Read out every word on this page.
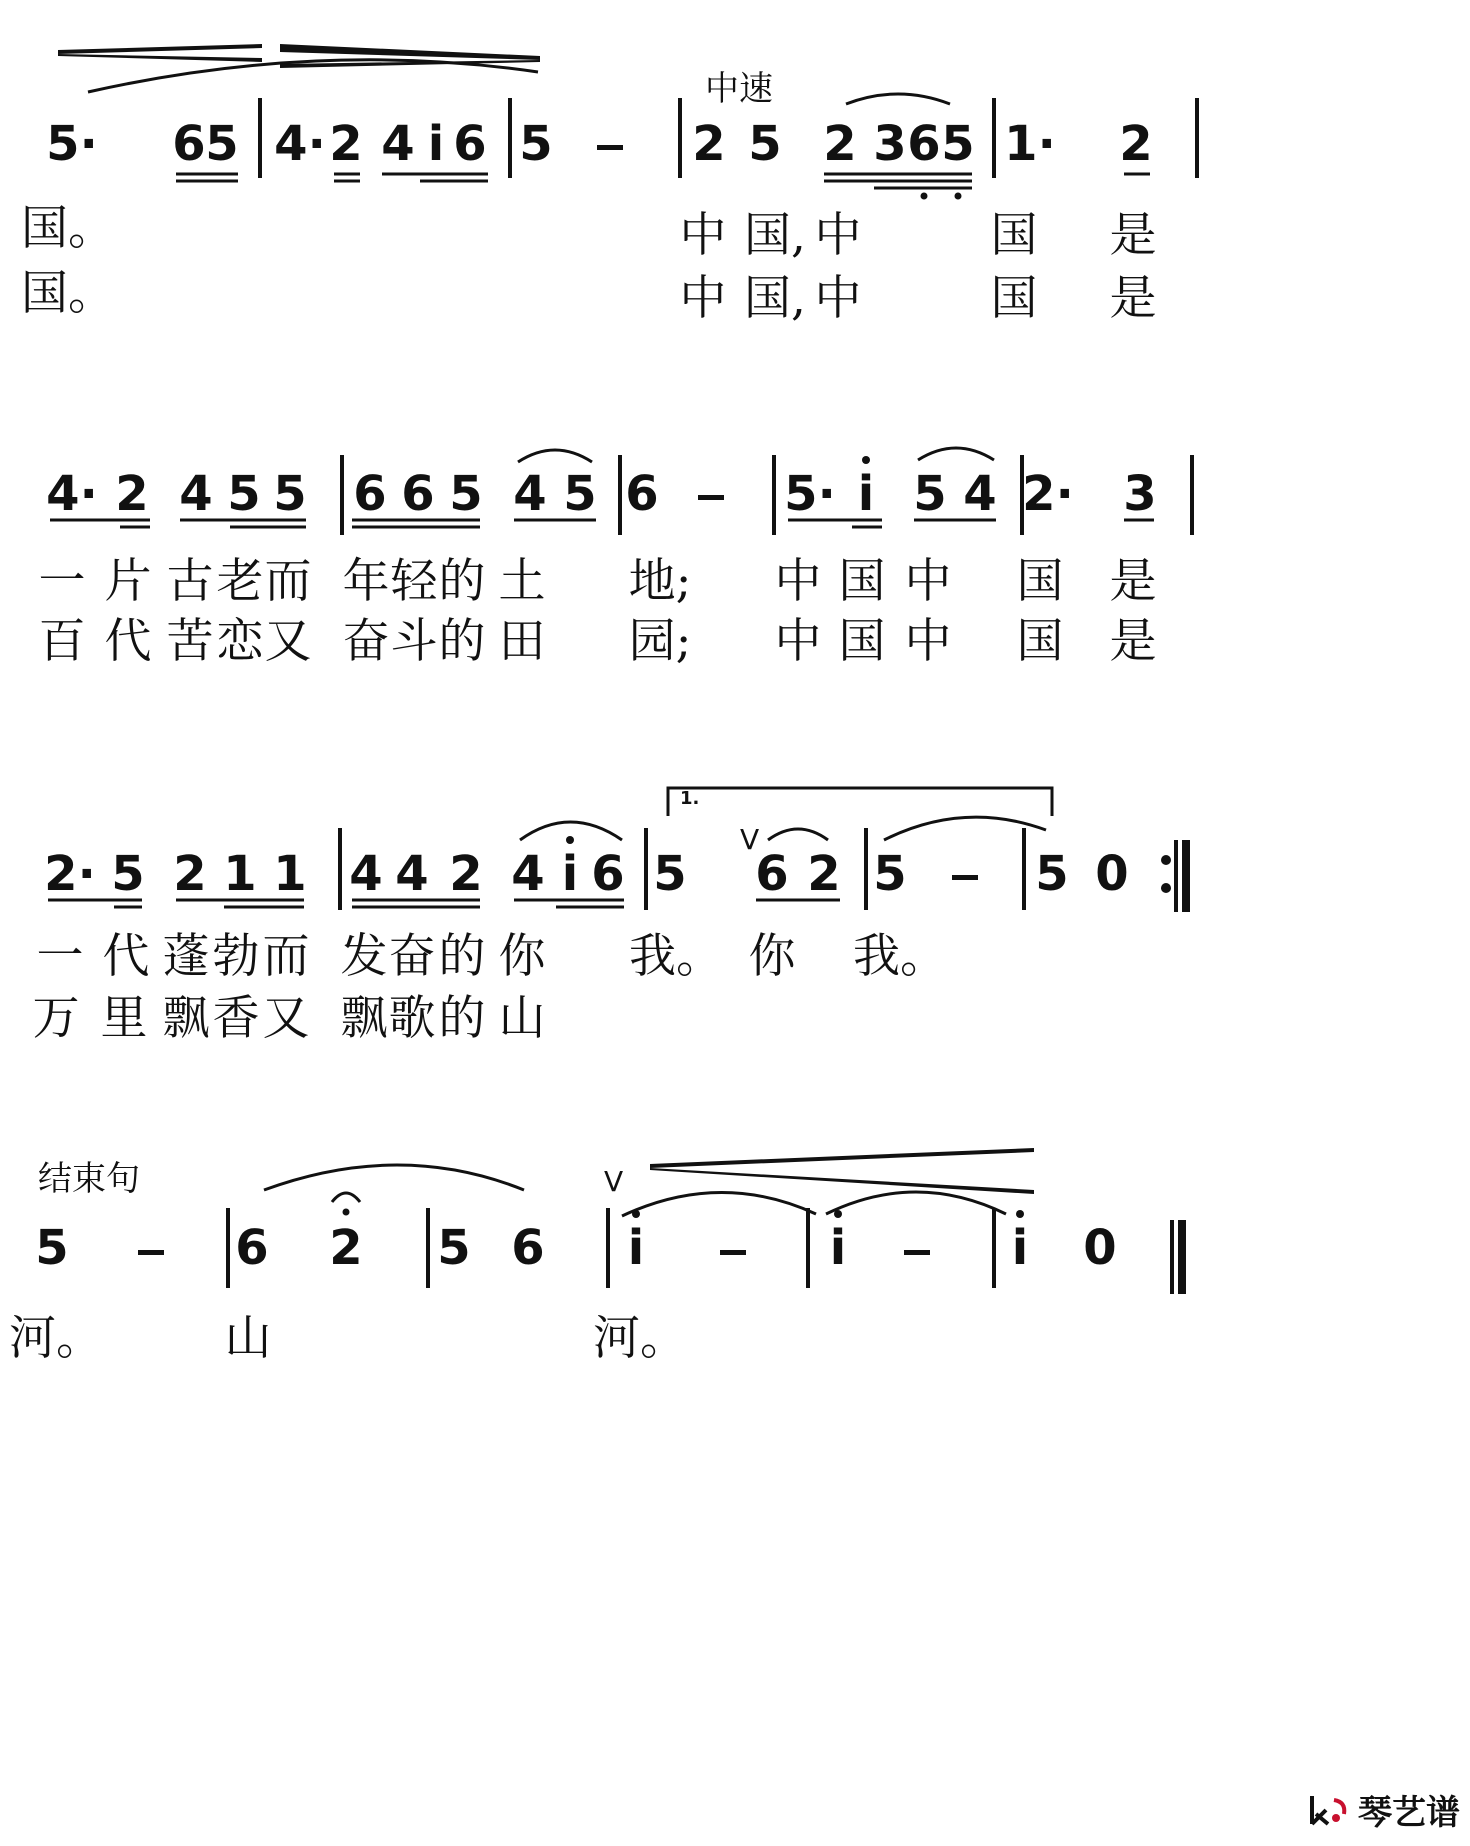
5· 6 5 4· 2 4 i 6 5	2 5 2 3 6 5 1· 2
国。	中 国, 中	国 是
国。	中 国, 中	国 是
中速
4· 2 4 5 5 6 6 5 4 5 6	5· i 5 4 2· 3
一 片 古 老 而 年 轻 的 土 地; 中 国 中 国 是
百 代 苦 恋 又 奋 斗 的 田 园; 中 国 中 国 是
2· 5 2 1 1 4 4 2 4 i 6 5 6 2 5	5 0
一 代 蓬 勃 而 发 奋 的 你 我。 你 我。
万 里 飘 香 又 飘 歌 的 山
1.
V
5	6 2 5 6 i	i	i 0
河。	山	河。
结束句	V
琴艺谱
